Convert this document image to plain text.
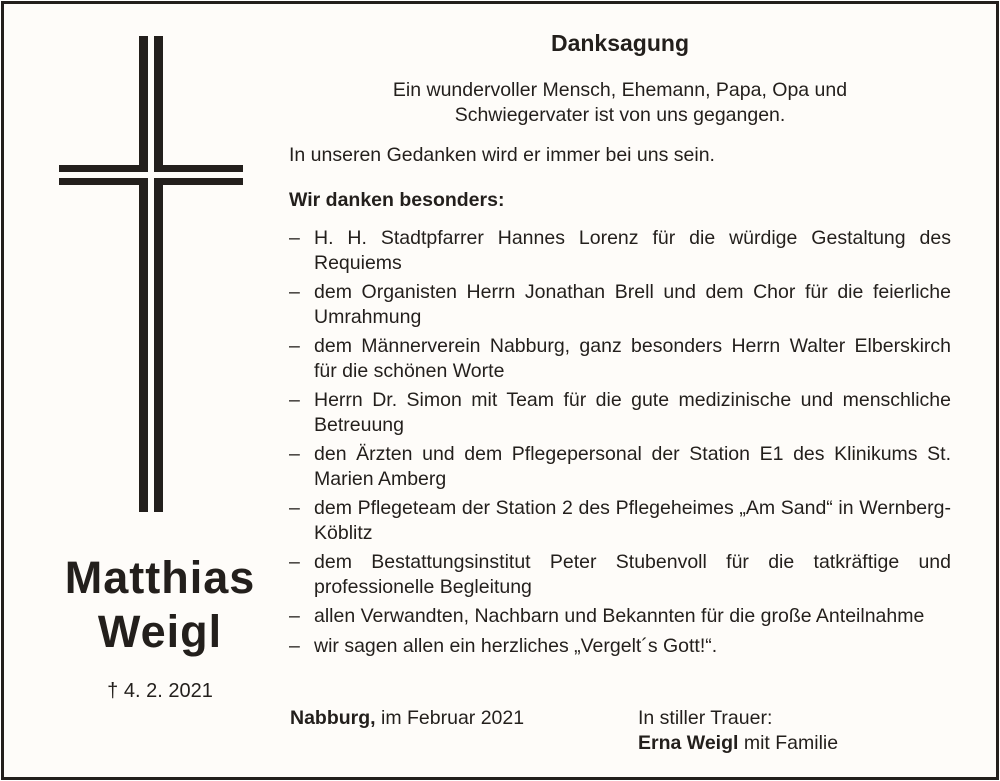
Matthias
Weigl
† 4. 2. 2021
Danksagung
Ein wundervoller Mensch, Ehemann, Papa, Opa und
Schwiegervater ist von uns gegangen.
In unseren Gedanken wird er immer bei uns sein.
Wir danken besonders:
– H. H. Stadtpfarrer Hannes Lorenz für die würdige Gestaltung des Requiems
– dem Organisten Herrn Jonathan Brell und dem Chor für die feierliche Umrahmung
– dem Männerverein Nabburg, ganz besonders Herrn Walter Elberskirch für die schönen Worte
– Herrn Dr. Simon mit Team für die gute medizinische und menschliche Betreuung
– den Ärzten und dem Pflegepersonal der Station E1 des Klinikums St. Marien Amberg
– dem Pflegeteam der Station 2 des Pflegeheimes „Am Sand“ in Wernberg-Köblitz
– dem Bestattungsinstitut Peter Stubenvoll für die tatkräftige und professionelle Begleitung
– allen Verwandten, Nachbarn und Bekannten für die große Anteilnahme
– wir sagen allen ein herzliches „Vergelt´s Gott!“.
Nabburg, im Februar 2021	In stiller Trauer:
Erna Weigl mit Familie
